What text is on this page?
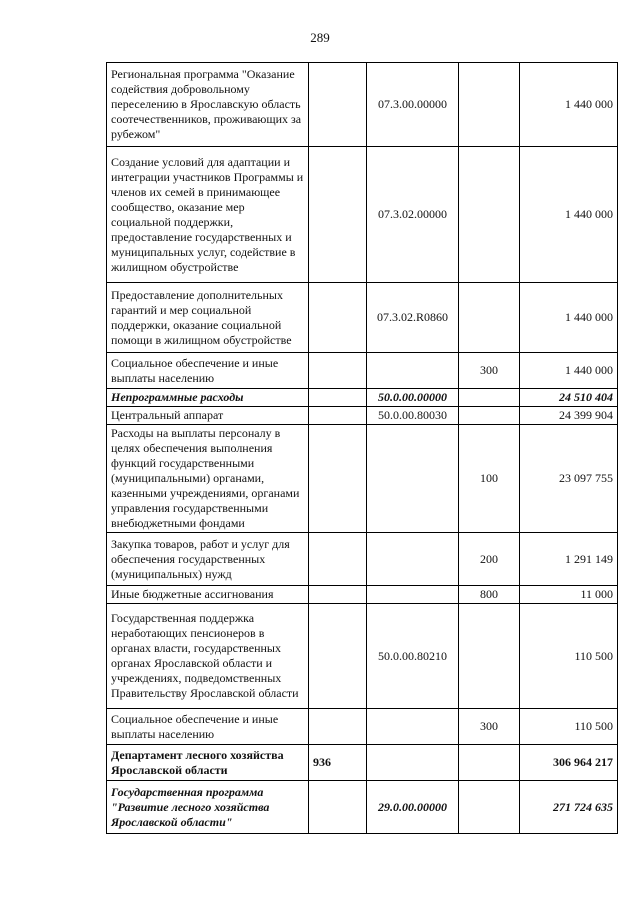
289
Региональная программа "Оказание содействия добровольному переселению в Ярославскую область соотечественников, проживающих за рубежом"		07.3.00.00000		1 440 000
Создание условий для адаптации и интеграции участников Программы и членов их семей в принимающее сообщество, оказание мер социальной поддержки, предоставление государственных и муниципальных услуг, содействие в жилищном обустройстве		07.3.02.00000		1 440 000
Предоставление дополнительных гарантий и мер социальной поддержки, оказание социальной помощи в жилищном обустройстве		07.3.02.R0860		1 440 000
Социальное обеспечение и иные выплаты населению			300	1 440 000
Непрограммные расходы		50.0.00.00000		24 510 404
Центральный аппарат		50.0.00.80030		24 399 904
Расходы на выплаты персоналу в целях обеспечения выполнения функций государственными (муниципальными) органами, казенными учреждениями, органами управления государственными внебюджетными фондами			100	23 097 755
Закупка товаров, работ и услуг для обеспечения государственных (муниципальных) нужд			200	1 291 149
Иные бюджетные ассигнования			800	11 000
Государственная поддержка неработающих пенсионеров в органах власти, государственных органах Ярославской области и учреждениях, подведомственных Правительству Ярославской области		50.0.00.80210		110 500
Социальное обеспечение и иные выплаты населению			300	110 500
Департамент лесного хозяйства Ярославской области	936			306 964 217
Государственная программа "Развитие лесного хозяйства Ярославской области"		29.0.00.00000		271 724 635
